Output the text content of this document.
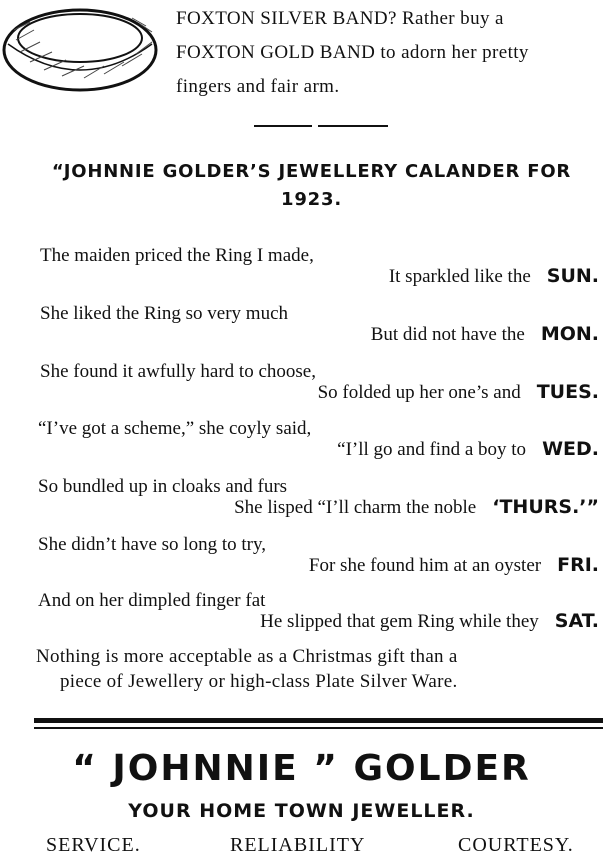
FOXTON SILVER BAND? Rather buy a
FOXTON GOLD BAND to adorn her pretty
fingers and fair arm.
“JOHNNIE GOLDER’S JEWELLERY CALANDER FOR
1923.
The maiden priced the Ring I made,
It sparkled like the SUN.
She liked the Ring so very much
But did not have the MON.
She found it awfully hard to choose,
So folded up her one’s and TUES.
“I’ve got a scheme,” she coyly said,
“I’ll go and find a boy to WED.
So bundled up in cloaks and furs
She lisped “I’ll charm the noble ‘THURS.’”
She didn’t have so long to try,
For she found him at an oyster FRI.
And on her dimpled finger fat
He slipped that gem Ring while they SAT.
Nothing is more acceptable as a Christmas gift than a
piece of Jewellery or high-class Plate Silver Ware.
“ JOHNNIE ” GOLDER
YOUR HOME TOWN JEWELLER.
SERVICE.	RELIABILITY	COURTESY.
